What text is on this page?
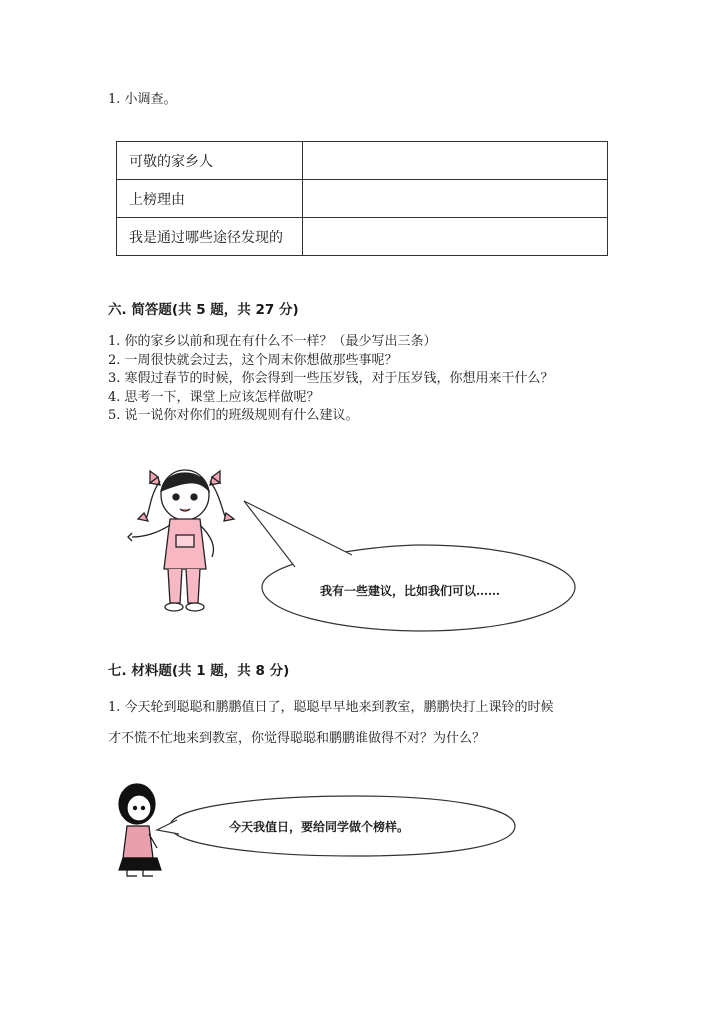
1. 小调查。
可敬的家乡人	
上榜理由	
我是通过哪些途径发现的	
六. 简答题(共 5 题，共 27 分)
1. 你的家乡以前和现在有什么不一样？（最少写出三条）
2. 一周很快就会过去，这个周末你想做那些事呢？
3. 寒假过春节的时候，你会得到一些压岁钱，对于压岁钱，你想用来干什么？
4. 思考一下，课堂上应该怎样做呢？
5. 说一说你对你们的班级规则有什么建议。
我有一些建议，比如我们可以……
七. 材料题(共 1 题，共 8 分)

1. 今天轮到聪聪和鹏鹏值日了，聪聪早早地来到教室，鹏鹏快打上课铃的时候

才不慌不忙地来到教室，你觉得聪聪和鹏鹏谁做得不对？为什么？

今天我值日，要给同学做个榜样。
